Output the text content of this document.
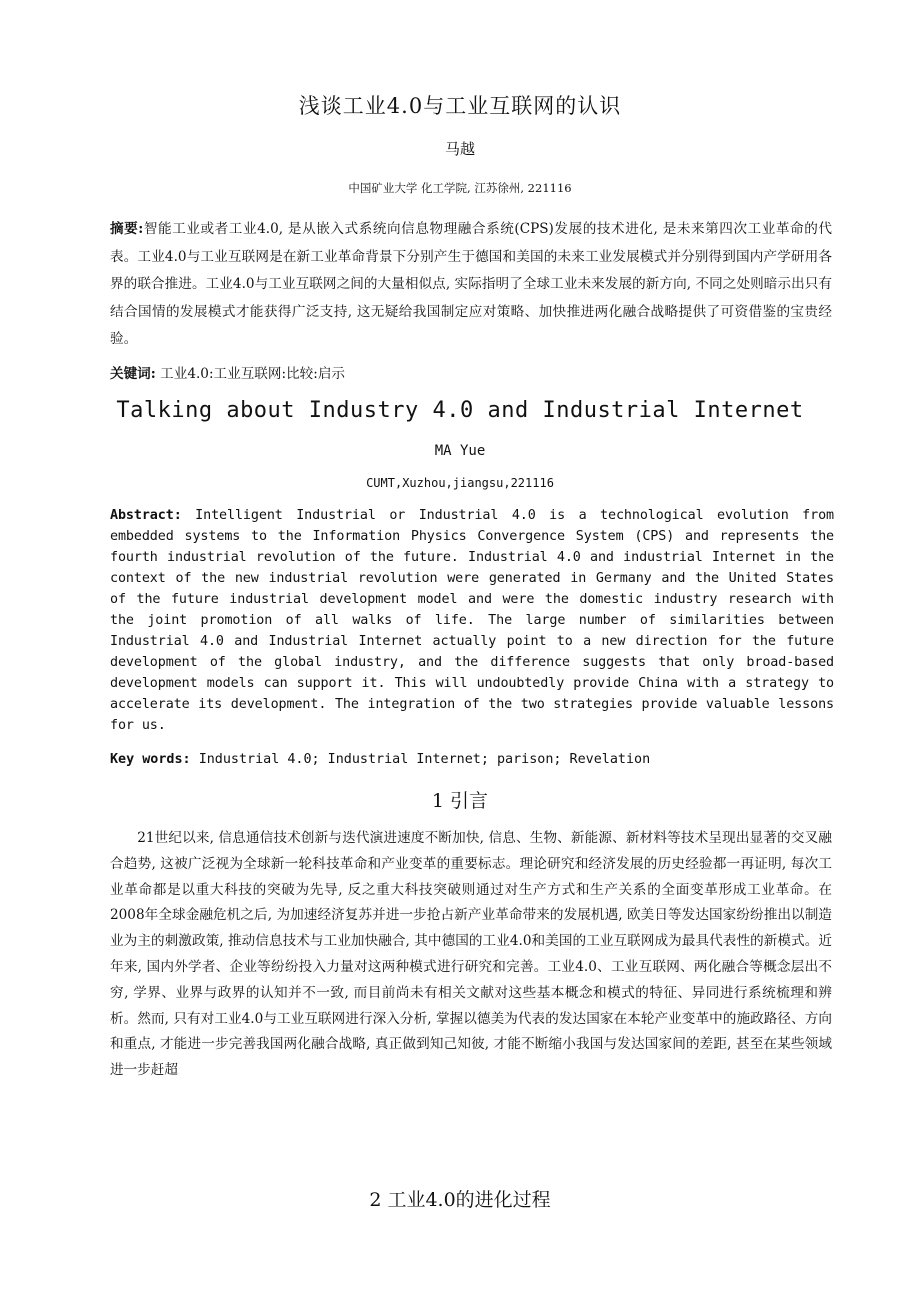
浅谈工业4.0与工业互联网的认识
马越
中国矿业大学 化工学院, 江苏徐州, 221116
摘要:智能工业或者工业4.0, 是从嵌入式系统向信息物理融合系统(CPS)发展的技术进化, 是未来第四次工业革命的代表。工业4.0与工业互联网是在新工业革命背景下分别产生于德国和美国的未来工业发展模式并分别得到国内产学研用各界的联合推进。工业4.0与工业互联网之间的大量相似点, 实际指明了全球工业未来发展的新方向, 不同之处则暗示出只有结合国情的发展模式才能获得广泛支持, 这无疑给我国制定应对策略、加快推进两化融合战略提供了可资借鉴的宝贵经验。
关键词: 工业4.0:工业互联网:比较:启示
Talking about Industry 4.0 and Industrial Internet
MA Yue
CUMT,Xuzhou,jiangsu,221116
Abstract: Intelligent Industrial or Industrial 4.0 is a technological evolution from embedded systems to the Information Physics Convergence System (CPS) and represents the fourth industrial revolution of the future. Industrial 4.0 and industrial Internet in the context of the new industrial revolution were generated in Germany and the United States of the future industrial development model and were the domestic industry research with the joint promotion of all walks of life. The large number of similarities between Industrial 4.0 and Industrial Internet actually point to a new direction for the future development of the global industry, and the difference suggests that only broad-based development models can support it. This will undoubtedly provide China with a strategy to accelerate its development. The integration of the two strategies provide valuable lessons for us.
Key words: Industrial 4.0; Industrial Internet; parison; Revelation
1 引言
21世纪以来, 信息通信技术创新与迭代演进速度不断加快, 信息、生物、新能源、新材料等技术呈现出显著的交叉融合趋势, 这被广泛视为全球新一轮科技革命和产业变革的重要标志。理论研究和经济发展的历史经验都一再证明, 每次工业革命都是以重大科技的突破为先导, 反之重大科技突破则通过对生产方式和生产关系的全面变革形成工业革命。在2008年全球金融危机之后, 为加速经济复苏并进一步抢占新产业革命带来的发展机遇, 欧美日等发达国家纷纷推出以制造业为主的刺激政策, 推动信息技术与工业加快融合, 其中德国的工业4.0和美国的工业互联网成为最具代表性的新模式。近年来, 国内外学者、企业等纷纷投入力量对这两种模式进行研究和完善。工业4.0、工业互联网、两化融合等概念层出不穷, 学界、业界与政界的认知并不一致, 而目前尚未有相关文献对这些基本概念和模式的特征、异同进行系统梳理和辨析。然而, 只有对工业4.0与工业互联网进行深入分析, 掌握以德美为代表的发达国家在本轮产业变革中的施政路径、方向和重点, 才能进一步完善我国两化融合战略, 真正做到知己知彼, 才能不断缩小我国与发达国家间的差距, 甚至在某些领域进一步赶超
2 工业4.0的进化过程
